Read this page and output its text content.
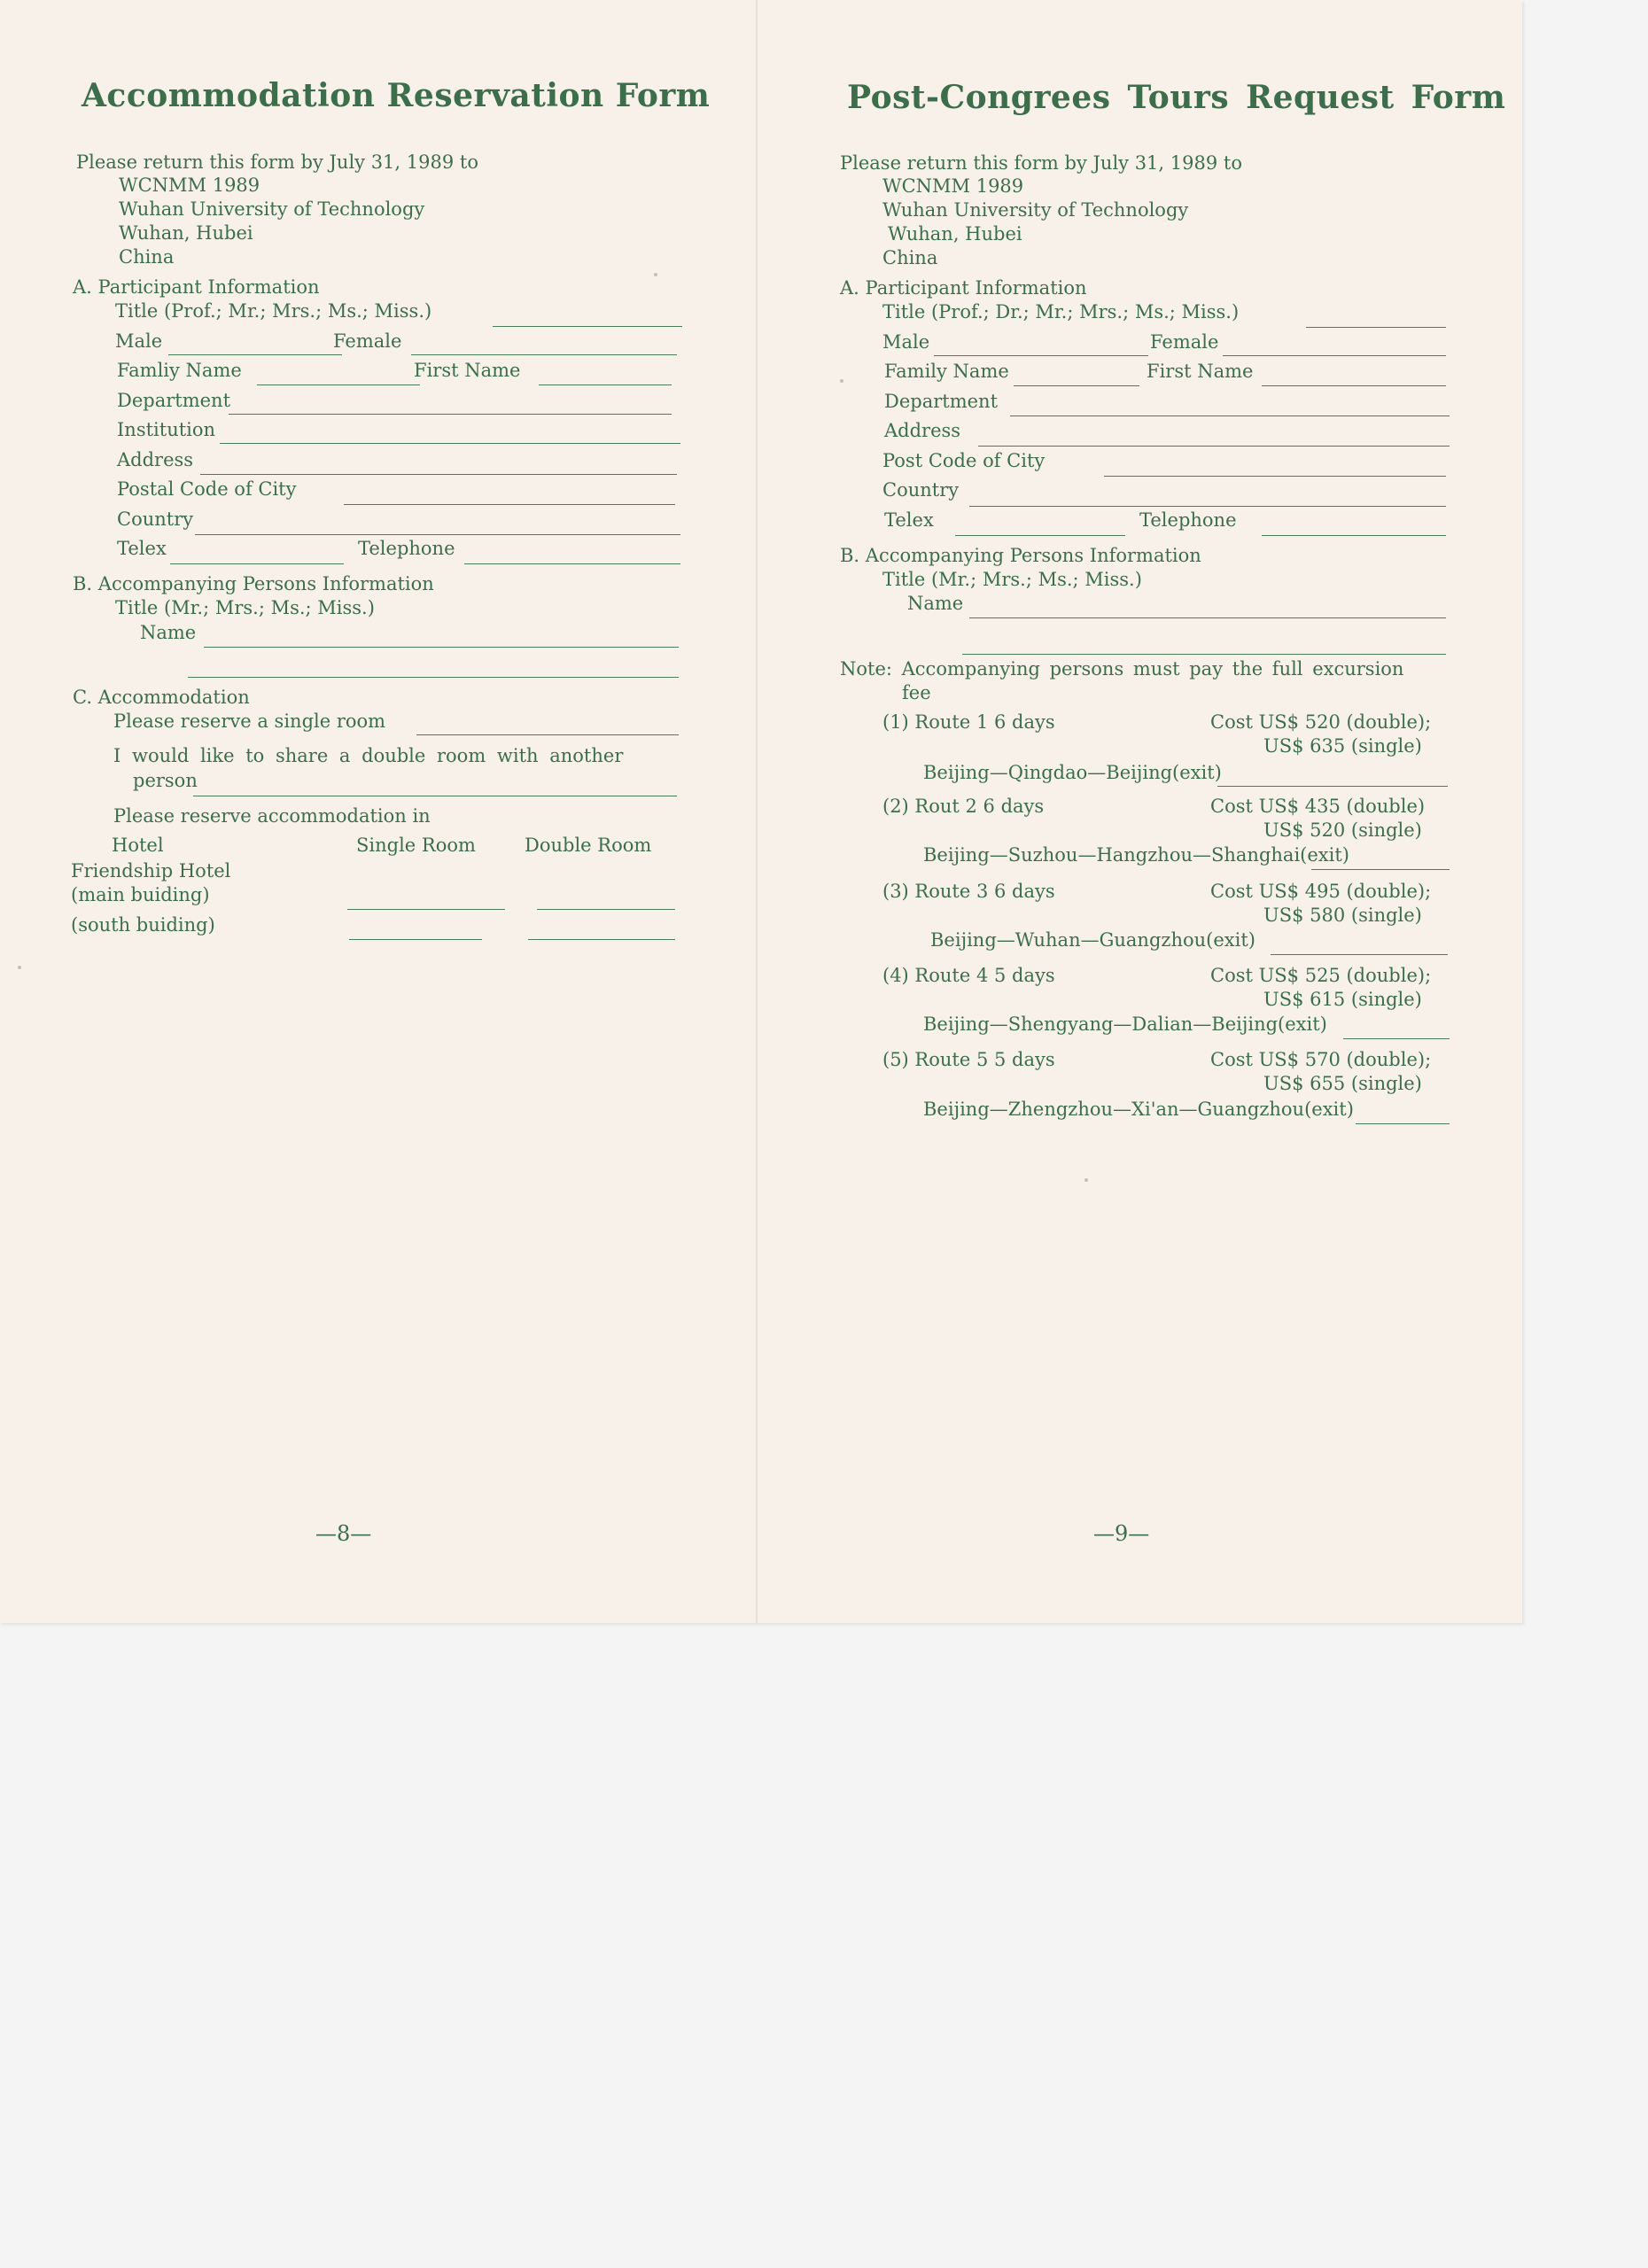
Accommodation Reservation Form
Please return this form by July 31, 1989 to
WCNMM 1989
Wuhan University of Technology
Wuhan, Hubei
China
A. Participant Information
Title (Prof.; Mr.; Mrs.; Ms.; Miss.)
Male	Female
Famliy Name	First Name
Department
Institution
Address
Postal Code of City
Country
Telex	Telephone
B. Accompanying Persons Information
Title (Mr.; Mrs.; Ms.; Miss.)
Name
C. Accommodation
Please reserve a single room
I would like to share a double room with another
person
Please reserve accommodation in
Hotel	Single Room	Double Room
Friendship Hotel
(main buiding)
(south buiding)
—8—
Post-Congrees Tours Request Form
Please return this form by July 31, 1989 to
WCNMM 1989
Wuhan University of Technology
Wuhan, Hubei
China
A. Participant Information
Title (Prof.; Dr.; Mr.; Mrs.; Ms.; Miss.)
Male	Female
Family Name	First Name
Department
Address
Post Code of City
Country
Telex	Telephone
B. Accompanying Persons Information
Title (Mr.; Mrs.; Ms.; Miss.)
Name
Note: Accompanying persons must pay the full excursion
fee
(1) Route 1 6 days	Cost US$ 520 (double);
US$ 635 (single)
Beijing—Qingdao—Beijing(exit)
(2) Rout 2 6 days	Cost US$ 435 (double)
US$ 520 (single)
Beijing—Suzhou—Hangzhou—Shanghai(exit)
(3) Route 3 6 days	Cost US$ 495 (double);
US$ 580 (single)
Beijing—Wuhan—Guangzhou(exit)
(4) Route 4 5 days	Cost US$ 525 (double);
US$ 615 (single)
Beijing—Shengyang—Dalian—Beijing(exit)
(5) Route 5 5 days	Cost US$ 570 (double);
US$ 655 (single)
Beijing—Zhengzhou—Xi'an—Guangzhou(exit)
—9—
